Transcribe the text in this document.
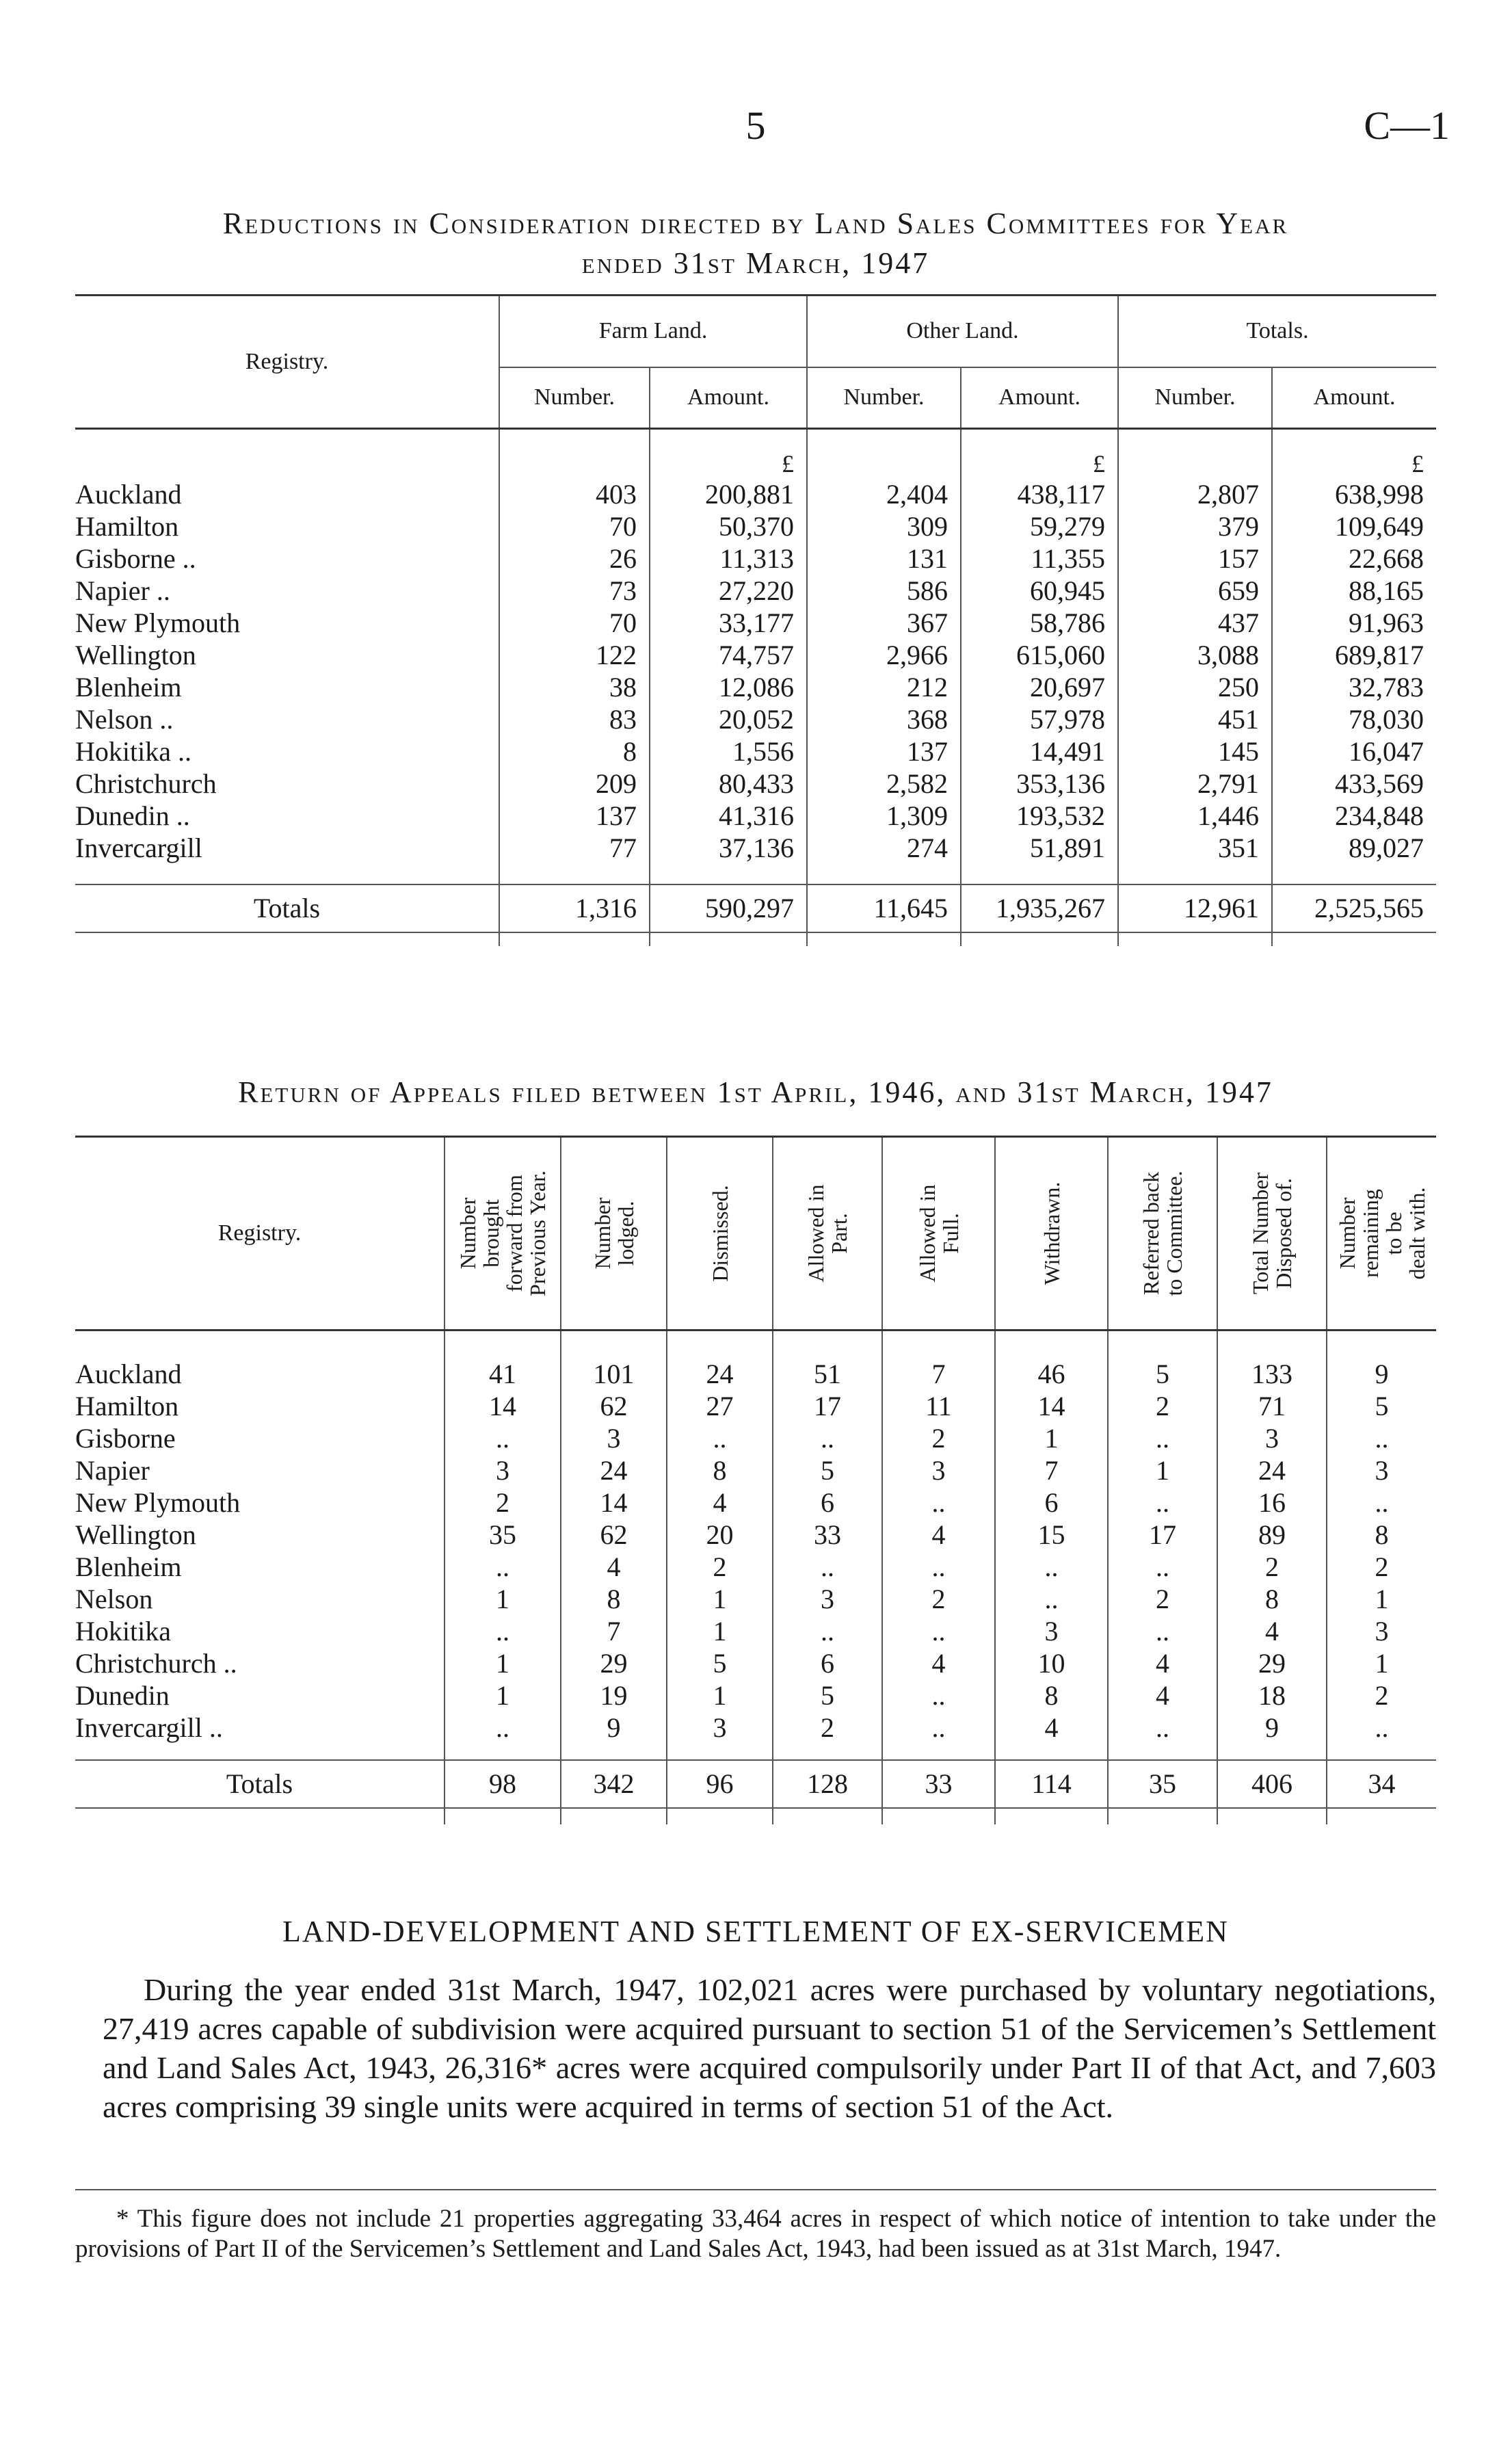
5	C—1
Reductions in Consideration directed by Land Sales Committees for Year
ended 31st March, 1947
Registry.	Farm Land.		Other Land.		Totals.	
	Number.	Amount.	Number.	Amount.	Number.	Amount.
		£		£		£
Auckland	403	200,881	2,404	438,117	2,807	638,998
Hamilton	70	50,370	309	59,279	379	109,649
Gisborne ..	26	11,313	131	11,355	157	22,668
Napier ..	73	27,220	586	60,945	659	88,165
New Plymouth	70	33,177	367	58,786	437	91,963
Wellington	122	74,757	2,966	615,060	3,088	689,817
Blenheim	38	12,086	212	20,697	250	32,783
Nelson ..	83	20,052	368	57,978	451	78,030
Hokitika ..	8	1,556	137	14,491	145	16,047
Christchurch	209	80,433	2,582	353,136	2,791	433,569
Dunedin ..	137	41,316	1,309	193,532	1,446	234,848
Invercargill	77	37,136	274	51,891	351	89,027

Totals	1,316	590,297	11,645	1,935,267	12,961	2,525,565

Return of Appeals filed between 1st April, 1946, and 31st March, 1947
Registry.	Number
brought
forward from
Previous Year.	Number
lodged.	Dismissed.	Allowed in
Part.	Allowed in
Full.	Withdrawn.	Referred back
to Committee.	Total Number
Disposed of.	Number
remaining
to be
dealt with.

Auckland	41	101	24	51	7	46	5	133	9
Hamilton	14	62	27	17	11	14	2	71	5
Gisborne	..	3	..	..	2	1	..	3	..
Napier	3	24	8	5	3	7	1	24	3
New Plymouth	2	14	4	6	..	6	..	16	..
Wellington	35	62	20	33	4	15	17	89	8
Blenheim	..	4	2	..	..	..	..	2	2
Nelson	1	8	1	3	2	..	2	8	1
Hokitika	..	7	1	..	..	3	..	4	3
Christchurch ..	1	29	5	6	4	10	4	29	1
Dunedin	1	19	1	5	..	8	4	18	2
Invercargill ..	..	9	3	2	..	4	..	9	..

Totals	98	342	96	128	33	114	35	406	34

LAND-DEVELOPMENT AND SETTLEMENT OF EX-SERVICEMEN

During the year ended 31st March, 1947, 102,021 acres were purchased by voluntary negotiations, 27,419 acres capable of subdivision were acquired pursuant to section 51 of the Servicemen’s Settlement and Land Sales Act, 1943, 26,316* acres were acquired compulsorily under Part II of that Act, and 7,603 acres comprising 39 single units were acquired in terms of section 51 of the Act.

* This figure does not include 21 properties aggregating 33,464 acres in respect of which notice of intention to take under the provisions of Part II of the Servicemen’s Settlement and Land Sales Act, 1943, had been issued as at 31st March, 1947.
